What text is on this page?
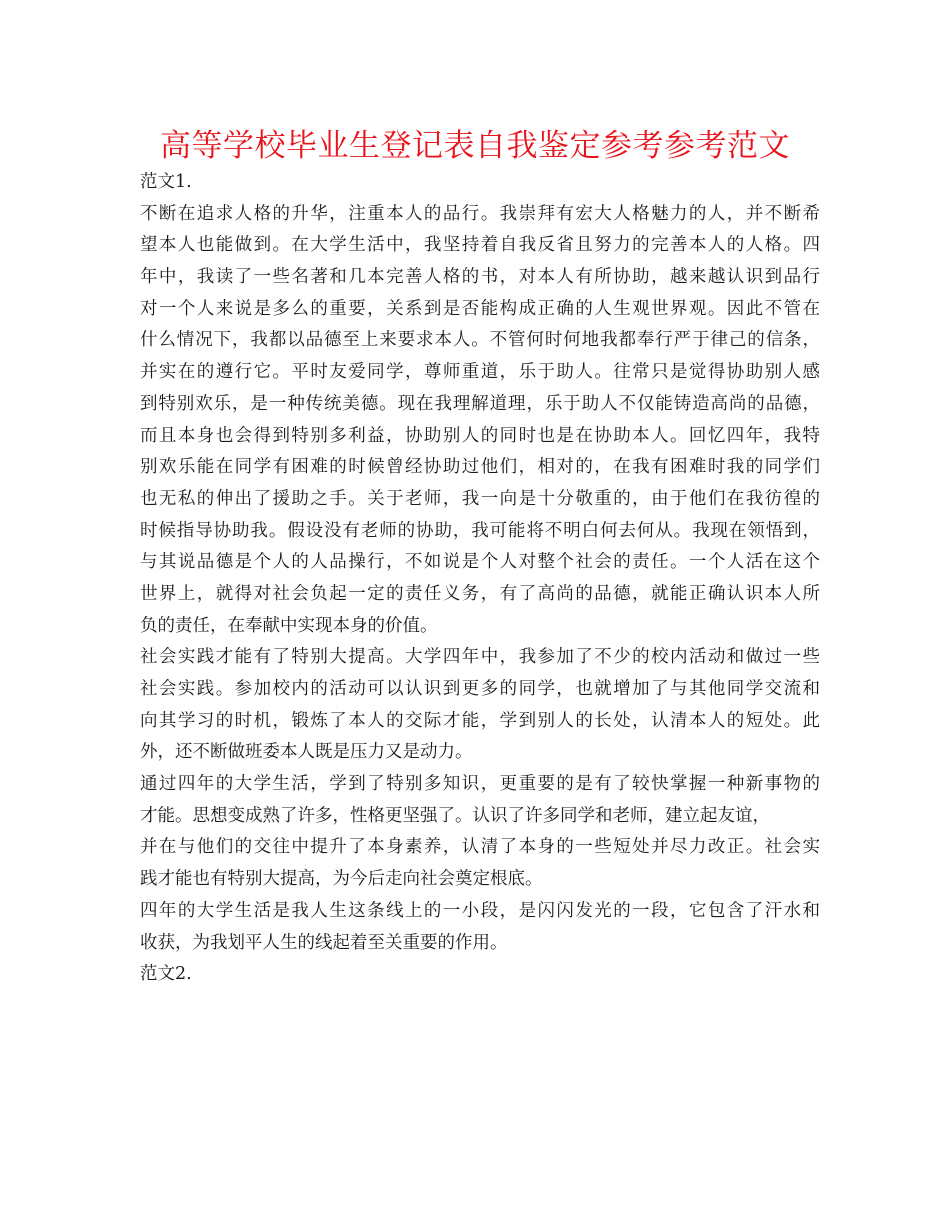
高等学校毕业生登记表自我鉴定参考参考范文
范文1.
不断在追求人格的升华，注重本人的品行。我崇拜有宏大人格魅力的人，并不断希
望本人也能做到。在大学生活中，我坚持着自我反省且努力的完善本人的人格。四
年中，我读了一些名著和几本完善人格的书，对本人有所协助，越来越认识到品行
对一个人来说是多么的重要，关系到是否能构成正确的人生观世界观。因此不管在
什么情况下，我都以品德至上来要求本人。不管何时何地我都奉行严于律己的信条，
并实在的遵行它。平时友爱同学，尊师重道，乐于助人。往常只是觉得协助别人感
到特别欢乐，是一种传统美德。现在我理解道理，乐于助人不仅能铸造高尚的品德，
而且本身也会得到特别多利益，协助别人的同时也是在协助本人。回忆四年，我特
别欢乐能在同学有困难的时候曾经协助过他们，相对的，在我有困难时我的同学们
也无私的伸出了援助之手。关于老师，我一向是十分敬重的，由于他们在我彷徨的
时候指导协助我。假设没有老师的协助，我可能将不明白何去何从。我现在领悟到，
与其说品德是个人的人品操行，不如说是个人对整个社会的责任。一个人活在这个
世界上，就得对社会负起一定的责任义务，有了高尚的品德，就能正确认识本人所
负的责任，在奉献中实现本身的价值。
社会实践才能有了特别大提高。大学四年中，我参加了不少的校内活动和做过一些
社会实践。参加校内的活动可以认识到更多的同学，也就增加了与其他同学交流和
向其学习的时机，锻炼了本人的交际才能，学到别人的长处，认清本人的短处。此
外，还不断做班委本人既是压力又是动力。
通过四年的大学生活，学到了特别多知识，更重要的是有了较快掌握一种新事物的
才能。思想变成熟了许多，性格更坚强了。认识了许多同学和老师，建立起友谊，
并在与他们的交往中提升了本身素养，认清了本身的一些短处并尽力改正。社会实
践才能也有特别大提高，为今后走向社会奠定根底。
四年的大学生活是我人生这条线上的一小段，是闪闪发光的一段，它包含了汗水和
收获，为我划平人生的线起着至关重要的作用。
范文2.
